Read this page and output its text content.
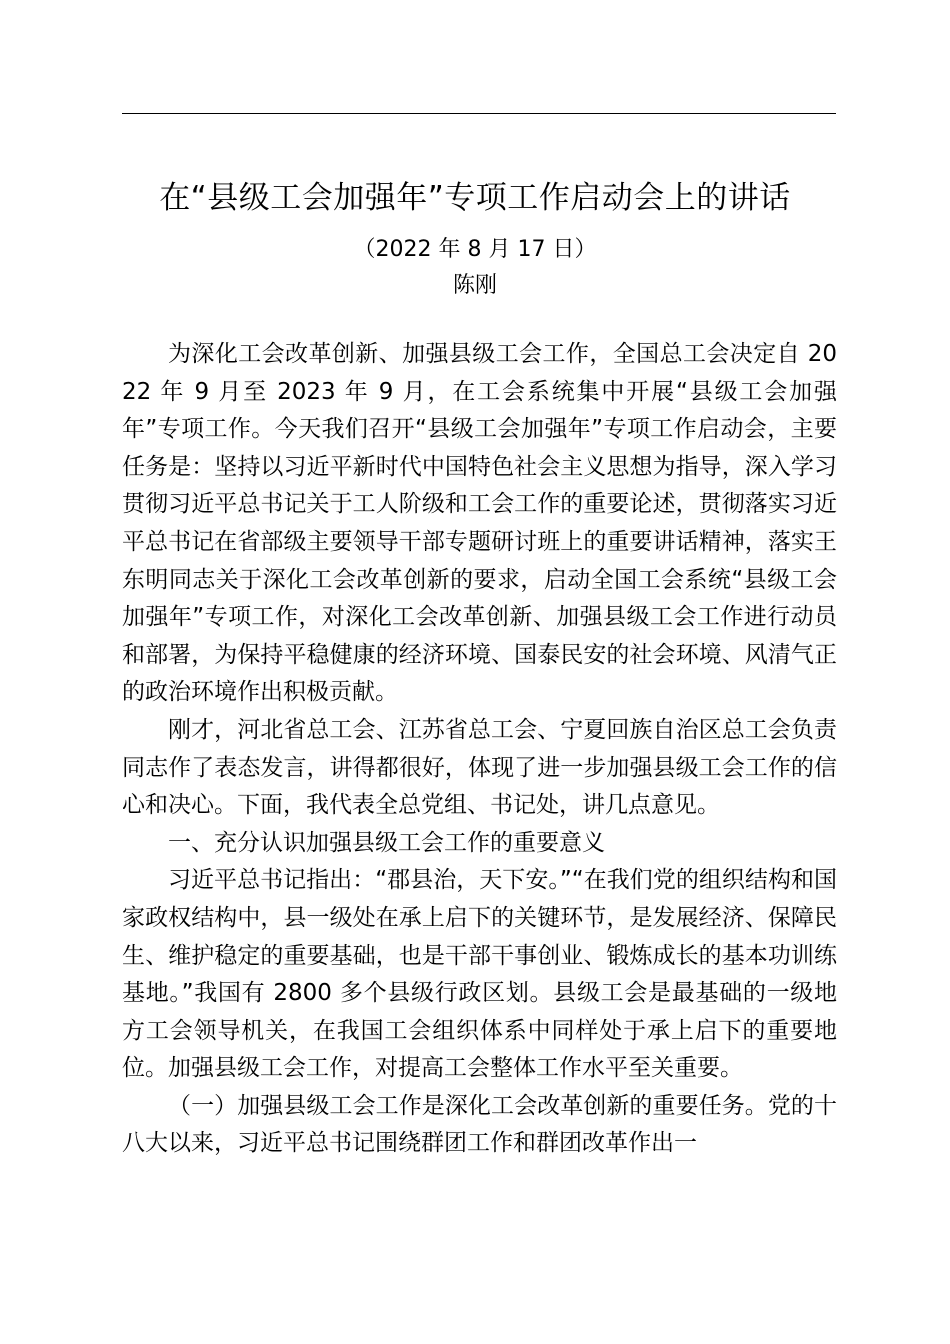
在“县级工会加强年”专项工作启动会上的讲话
（2022 年 8 月 17 日）
陈刚

为深化工会改革创新、加强县级工会工作，全国总工会决定自 2022 年 9 月至 2023 年 9 月，在工会系统集中开展“县级工会加强年”专项工作。今天我们召开“县级工会加强年”专项工作启动会，主要任务是：坚持以习近平新时代中国特色社会主义思想为指导，深入学习贯彻习近平总书记关于工人阶级和工会工作的重要论述，贯彻落实习近平总书记在省部级主要领导干部专题研讨班上的重要讲话精神，落实王东明同志关于深化工会改革创新的要求，启动全国工会系统“县级工会加强年”专项工作，对深化工会改革创新、加强县级工会工作进行动员和部署，为保持平稳健康的经济环境、国泰民安的社会环境、风清气正的政治环境作出积极贡献。

刚才，河北省总工会、江苏省总工会、宁夏回族自治区总工会负责同志作了表态发言，讲得都很好，体现了进一步加强县级工会工作的信心和决心。下面，我代表全总党组、书记处，讲几点意见。

一、充分认识加强县级工会工作的重要意义

习近平总书记指出：“郡县治，天下安。”“在我们党的组织结构和国家政权结构中，县一级处在承上启下的关键环节，是发展经济、保障民生、维护稳定的重要基础，也是干部干事创业、锻炼成长的基本功训练基地。”我国有 2800 多个县级行政区划。县级工会是最基础的一级地方工会领导机关，在我国工会组织体系中同样处于承上启下的重要地位。加强县级工会工作，对提高工会整体工作水平至关重要。

（一）加强县级工会工作是深化工会改革创新的重要任务。党的十八大以来，习近平总书记围绕群团工作和群团改革作出一
